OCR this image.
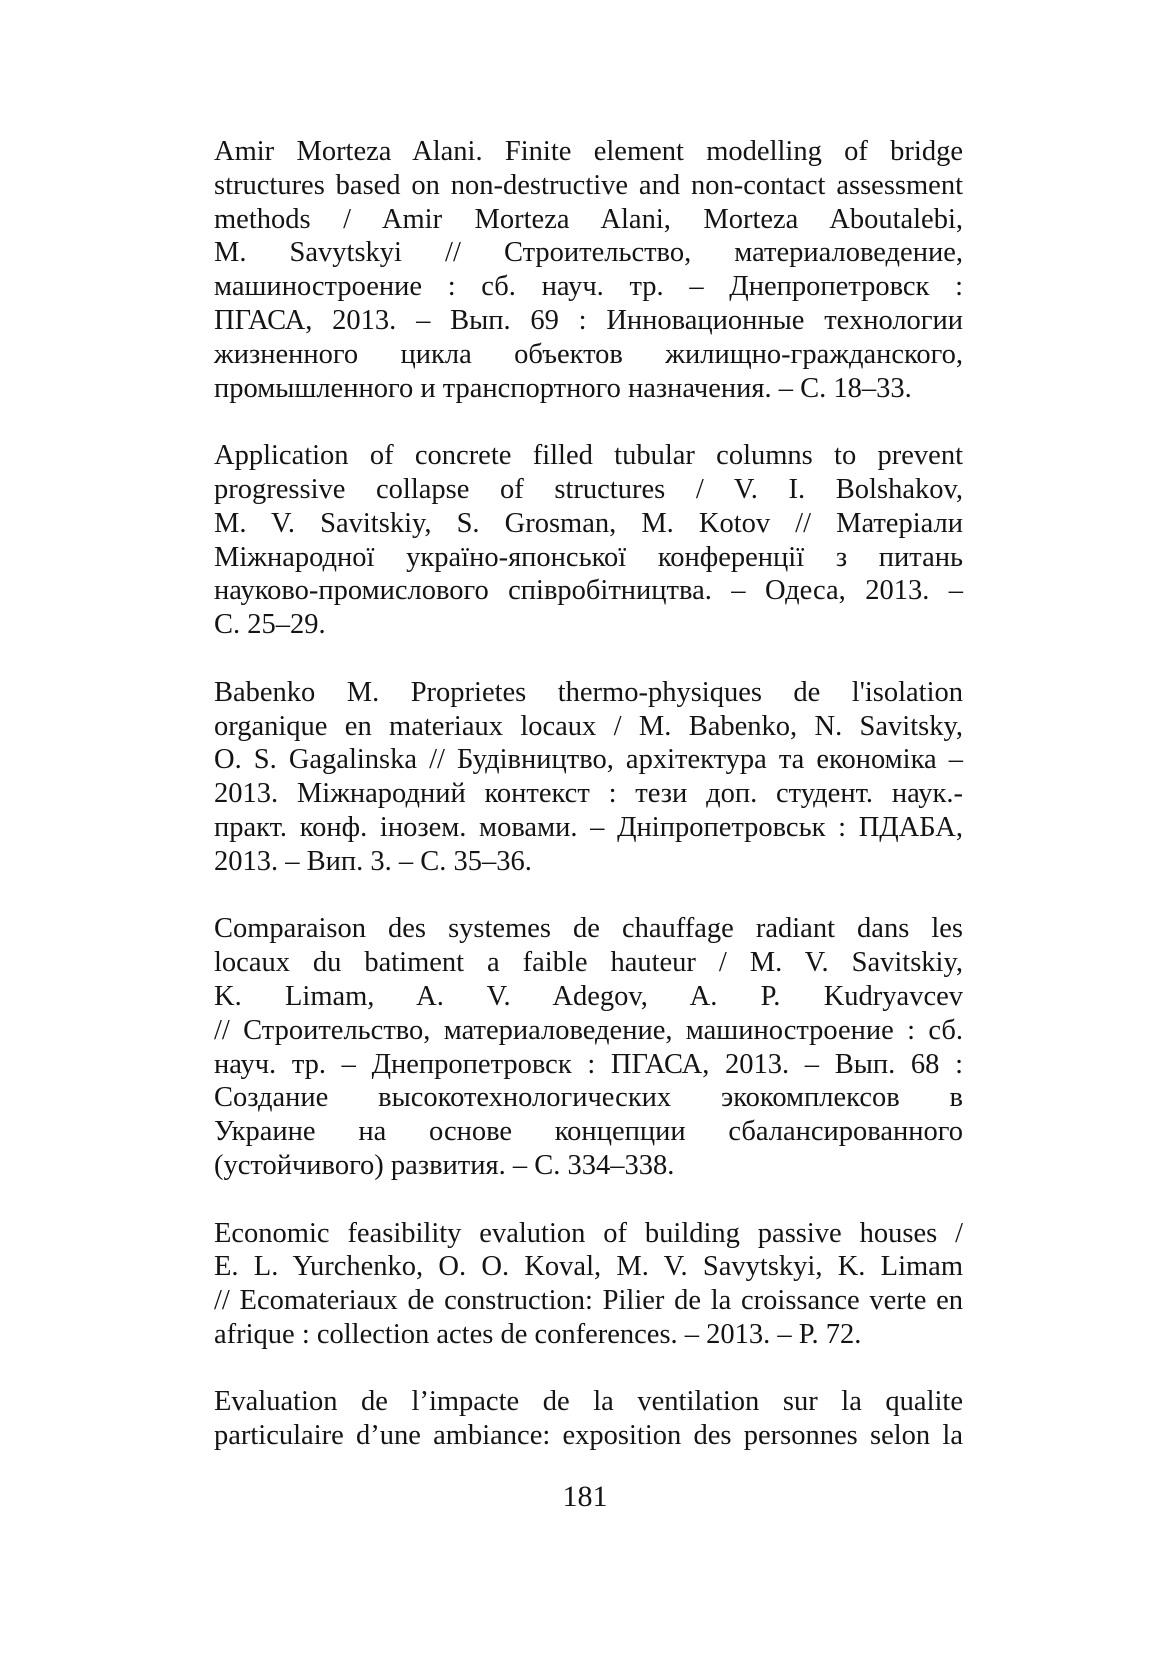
Amir Morteza Alani. Finite element modelling of bridge
structures based on non-destructive and non-contact assessment
methods / Amir Morteza Alani, Morteza Aboutalebi,
M. Savytskyi // Строительство, материаловедение,
машиностроение : сб. науч. тр. – Днепропетровск :
ПГАСА, 2013. – Вып. 69 : Инновационные технологии
жизненного цикла объектов жилищно-гражданского,
промышленного и транспортного назначения. – С. 18–33.
Application of concrete filled tubular columns to prevent
progressive collapse of structures / V. I. Bolshakov,
M. V. Savitskiy, S. Grosman, M. Kotov // Матеріали
Міжнародної україно-японської конференції з питань
науково-промислового співробітництва. – Одеса, 2013. –
С. 25–29.
Babenko M. Proprietes thermo-physiques de l'isolation
organique en materiaux locaux / M. Babenko, N. Savitsky,
O. S. Gagalinska // Будівництво, архітектура та економіка –
2013. Міжнародний контекст : тези доп. студент. наук.-
практ. конф. інозем. мовами. – Дніпропетровськ : ПДАБА,
2013. – Вип. 3. – С. 35–36.
Comparaison des systemes de chauffage radiant dans les
locaux du batiment a faible hauteur / M. V. Savitskiy,
K. Limam, A. V. Adegov, A. P. Kudryavcev
// Строительство, материаловедение, машиностроение : сб.
науч. тр. – Днепропетровск : ПГАСА, 2013. – Вып. 68 :
Создание высокотехнологических экокомплексов в
Украине на основе концепции сбалансированного
(устойчивого) развития. – С. 334–338.
Economic feasibility evalution of building passive houses /
E. L. Yurchenko, O. O. Koval, M. V. Savytskyi, K. Limam
// Ecomateriaux de construction: Pilier de la croissance verte en
afrique : collection actes de conferences. – 2013. – P. 72.
Evaluation de l’impacte de la ventilation sur la qualite
particulaire d’une ambiance: exposition des personnes selon la
181
